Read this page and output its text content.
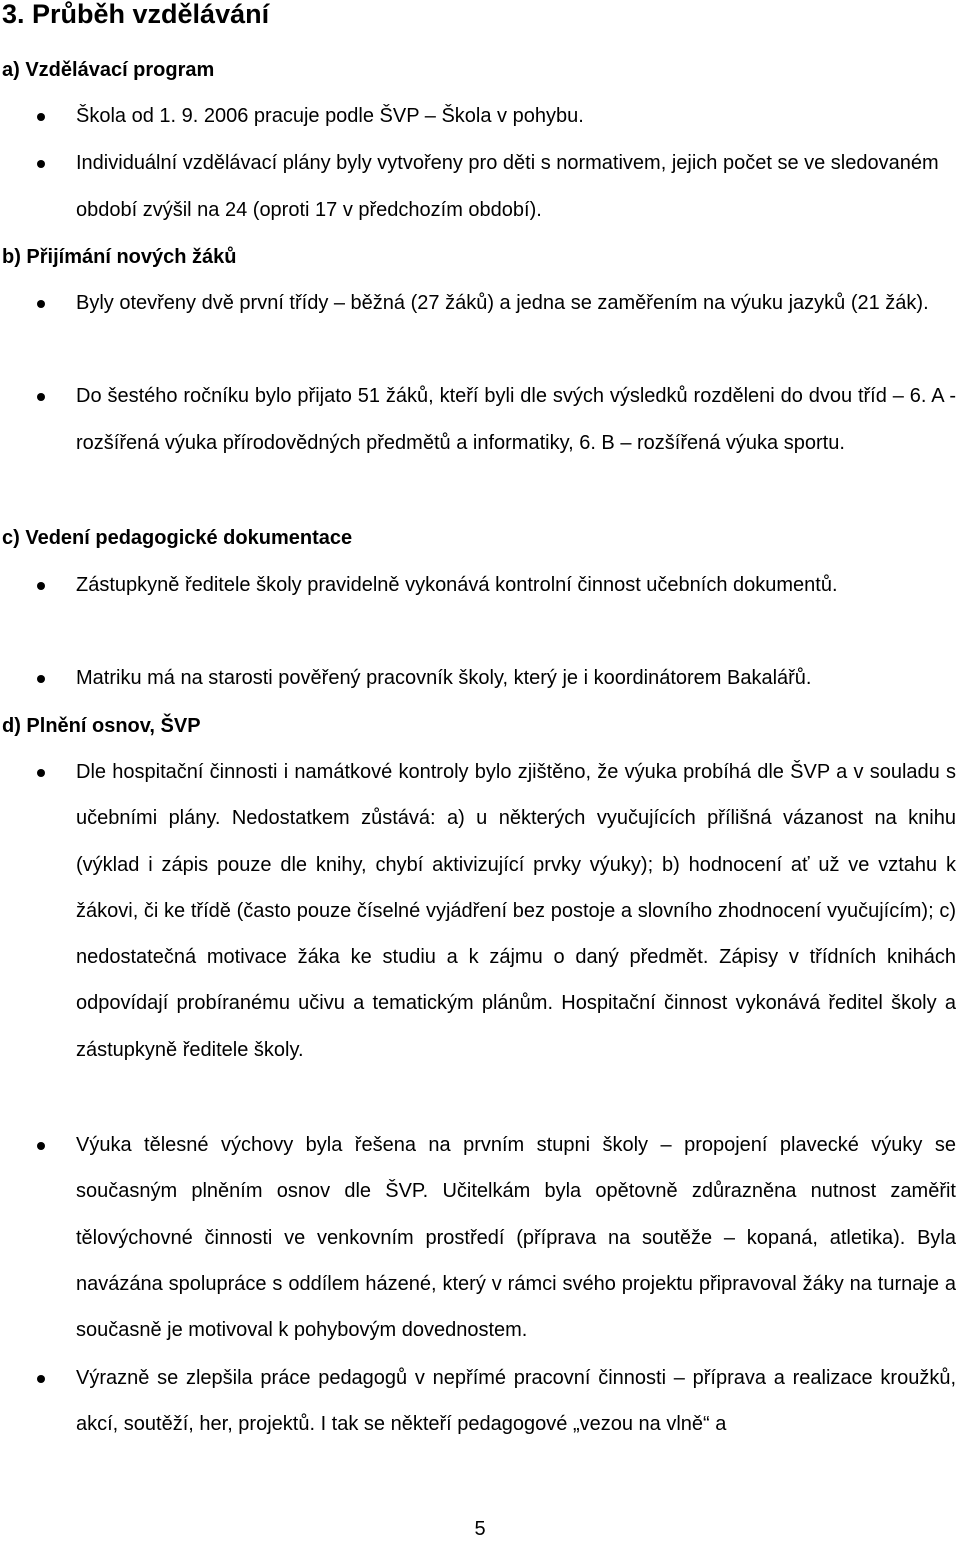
3. Průběh vzdělávání
a) Vzdělávací program

Škola od 1. 9. 2006 pracuje podle ŠVP – Škola v pohybu.

Individuální vzdělávací plány byly vytvořeny pro děti s normativem, jejich počet se ve sledovaném období zvýšil na 24 (oproti 17 v předchozím období).

b) Přijímání nových žáků

Byly otevřeny dvě první třídy – běžná (27 žáků) a jedna se zaměřením na výuku jazyků (21 žák).

Do šestého ročníku bylo přijato 51 žáků, kteří byli dle svých výsledků rozděleni do dvou tříd – 6. A - rozšířená výuka přírodovědných předmětů a informatiky, 6. B – rozšířená výuka sportu.

c) Vedení pedagogické dokumentace

Zástupkyně ředitele školy pravidelně vykonává kontrolní činnost učebních dokumentů.

Matriku má na starosti pověřený pracovník školy, který je i koordinátorem Bakalářů.

d) Plnění osnov, ŠVP

Dle hospitační činnosti i namátkové kontroly bylo zjištěno, že výuka probíhá dle ŠVP a v souladu s učebními plány. Nedostatkem zůstává: a) u některých vyučujících přílišná vázanost na knihu (výklad i zápis pouze dle knihy, chybí aktivizující prvky výuky); b) hodnocení ať už ve vztahu k žákovi, či ke třídě (často pouze číselné vyjádření bez postoje a slovního zhodnocení vyučujícím); c) nedostatečná motivace žáka ke studiu a k zájmu o daný předmět. Zápisy v třídních knihách odpovídají probíranému učivu a tematickým plánům. Hospitační činnost vykonává ředitel školy a zástupkyně ředitele školy.

Výuka tělesné výchovy byla řešena na prvním stupni školy – propojení plavecké výuky se současným plněním osnov dle ŠVP. Učitelkám byla opětovně zdůrazněna nutnost zaměřit tělovýchovné činnosti ve venkovním prostředí (příprava na soutěže – kopaná, atletika). Byla navázána spolupráce s oddílem házené, který v rámci svého projektu připravoval žáky na turnaje a současně je motivoval k pohybovým dovednostem.

Výrazně se zlepšila práce pedagogů v nepřímé pracovní činnosti – příprava a realizace kroužků, akcí, soutěží, her, projektů. I tak se někteří pedagogové „vezou na vlně“ a

5
